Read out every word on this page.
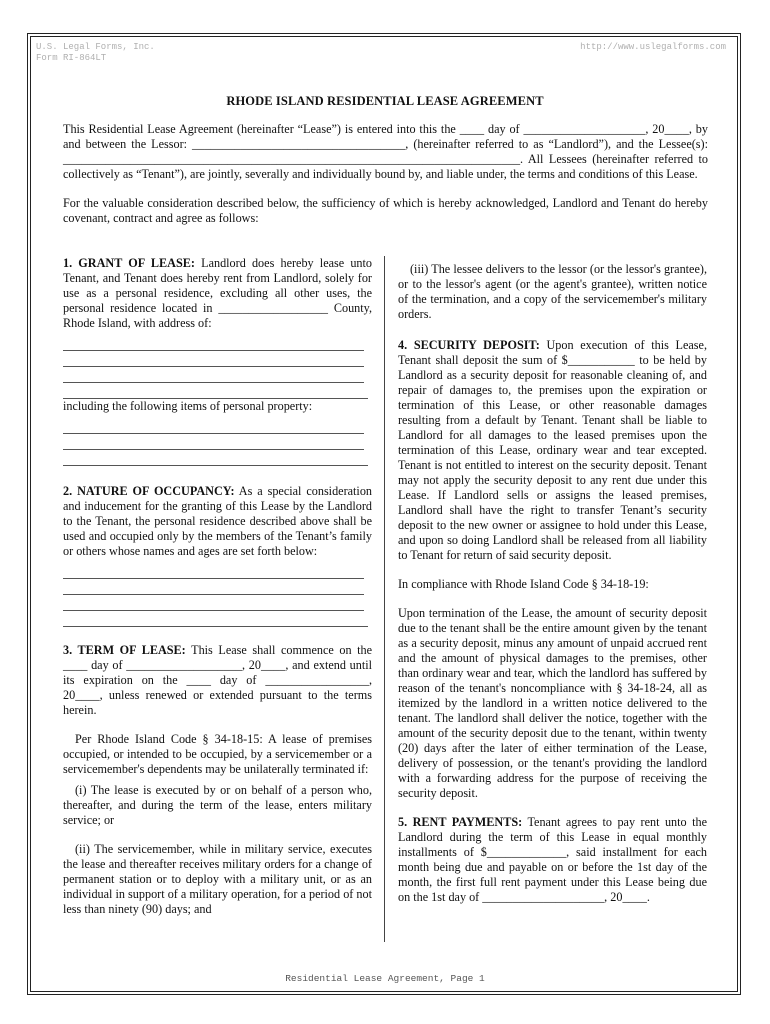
U.S. Legal Forms, Inc.
Form RI-864LT
http://www.uslegalforms.com
RHODE ISLAND RESIDENTIAL LEASE AGREEMENT

This Residential Lease Agreement (hereinafter “Lease”) is entered into this the ____ day of ____________________, 20____, by and between the Lessor: ___________________________________, (hereinafter referred to as “Landlord”), and the Lessee(s): ___________________________________________________________________________. All Lessees (hereinafter referred to collectively as “Tenant”), are jointly, severally and individually bound by, and liable under, the terms and conditions of this Lease.

For the valuable consideration described below, the sufficiency of which is hereby acknowledged, Landlord and Tenant do hereby covenant, contract and agree as follows:

1. GRANT OF LEASE: Landlord does hereby lease unto Tenant, and Tenant does hereby rent from Landlord, solely for use as a personal residence, excluding all other uses, the personal residence located in __________________ County, Rhode Island, with address of:

including the following items of personal property:

2. NATURE OF OCCUPANCY: As a special consideration and inducement for the granting of this Lease by the Landlord to the Tenant, the personal residence described above shall be used and occupied only by the members of the Tenant’s family or others whose names and ages are set forth below:

3. TERM OF LEASE: This Lease shall commence on the ____ day of ___________________, 20____, and extend until its expiration on the ____ day of _________________, 20____, unless renewed or extended pursuant to the terms herein.

Per Rhode Island Code § 34-18-15: A lease of premises occupied, or intended to be occupied, by a servicemember or a servicemember's dependents may be unilaterally terminated if:

(i) The lease is executed by or on behalf of a person who, thereafter, and during the term of the lease, enters military service; or

(ii) The servicemember, while in military service, executes the lease and thereafter receives military orders for a change of permanent station or to deploy with a military unit, or as an individual in support of a military operation, for a period of not less than ninety (90) days; and

(iii) The lessee delivers to the lessor (or the lessor's grantee), or to the lessor's agent (or the agent's grantee), written notice of the termination, and a copy of the servicemember's military orders.

4. SECURITY DEPOSIT: Upon execution of this Lease, Tenant shall deposit the sum of $___________ to be held by Landlord as a security deposit for reasonable cleaning of, and repair of damages to, the premises upon the expiration or termination of this Lease, or other reasonable damages resulting from a default by Tenant. Tenant shall be liable to Landlord for all damages to the leased premises upon the termination of this Lease, ordinary wear and tear excepted. Tenant is not entitled to interest on the security deposit. Tenant may not apply the security deposit to any rent due under this Lease. If Landlord sells or assigns the leased premises, Landlord shall have the right to transfer Tenant’s security deposit to the new owner or assignee to hold under this Lease, and upon so doing Landlord shall be released from all liability to Tenant for return of said security deposit.

In compliance with Rhode Island Code § 34-18-19:

Upon termination of the Lease, the amount of security deposit due to the tenant shall be the entire amount given by the tenant as a security deposit, minus any amount of unpaid accrued rent and the amount of physical damages to the premises, other than ordinary wear and tear, which the landlord has suffered by reason of the tenant's noncompliance with § 34-18-24, all as itemized by the landlord in a written notice delivered to the tenant. The landlord shall deliver the notice, together with the amount of the security deposit due to the tenant, within twenty (20) days after the later of either termination of the Lease, delivery of possession, or the tenant's providing the landlord with a forwarding address for the purpose of receiving the security deposit.

5. RENT PAYMENTS: Tenant agrees to pay rent unto the Landlord during the term of this Lease in equal monthly installments of $_____________, said installment for each month being due and payable on or before the 1st day of the month, the first full rent payment under this Lease being due on the 1st day of ____________________, 20____.

Residential Lease Agreement, Page 1
